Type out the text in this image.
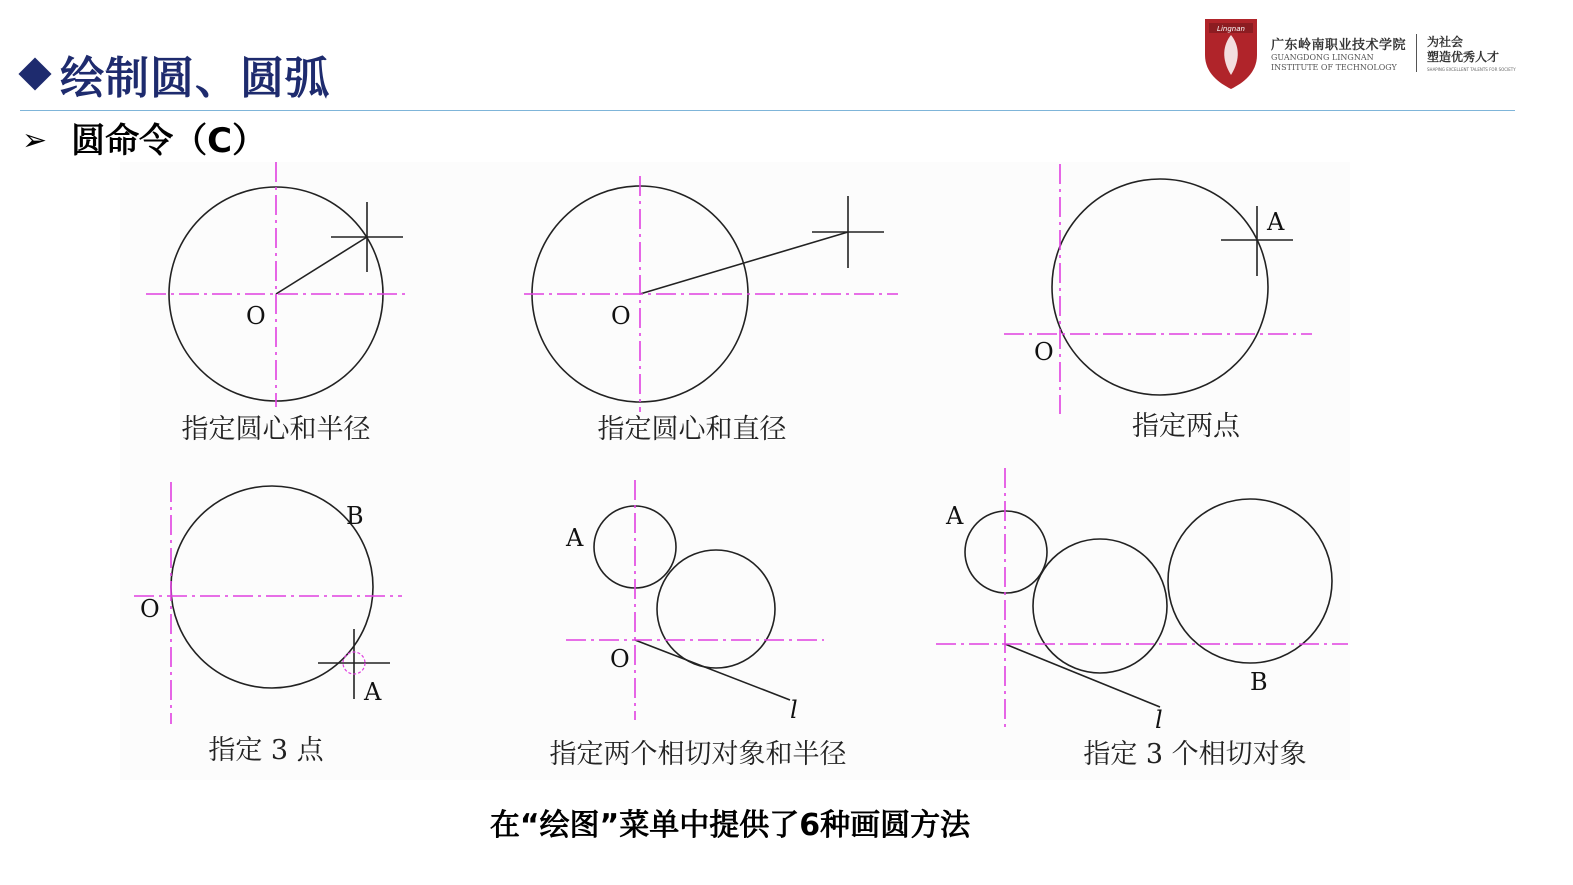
绘制圆、圆弧
➢ 圆命令（C）
Lingnan
广东岭南职业技术学院
GUANGDONG LINGNAN
INSTITUTE OF TECHNOLOGY
为社会
塑造优秀人才
SHAPING EXCELLENT TALENTS FOR SOCIETY
O	O
A
O
B
O
A
A
O
l
A
B
l
指定圆心和半径	指定圆心和直径	指定两点
指定 3 点	指定两个相切对象和半径	指定 3 个相切对象
在“绘图”菜单中提供了6种画圆方法
